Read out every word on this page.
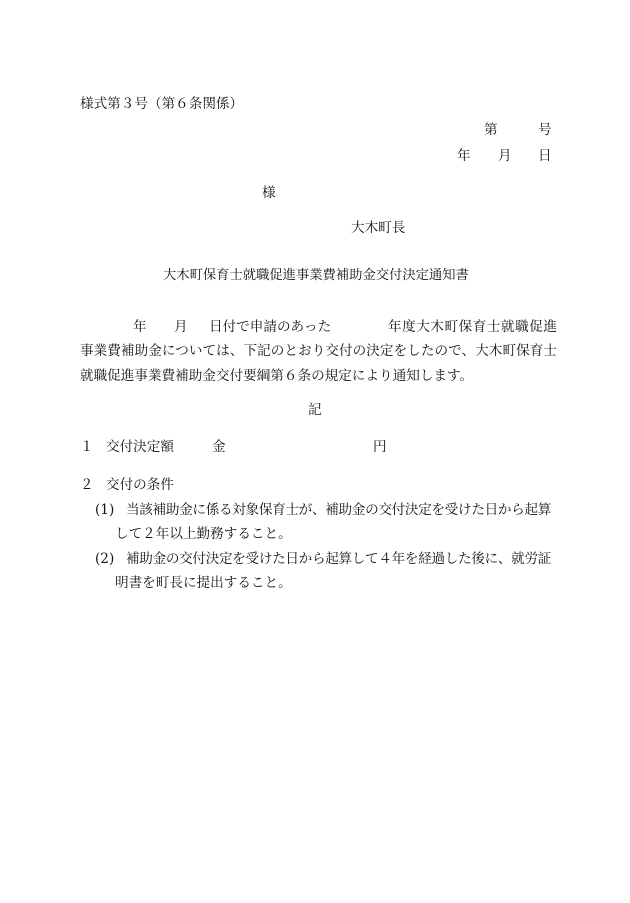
様式第３号（第６条関係）
第	号
年 月 日
様
大木町長
大木町保育士就職促進事業費補助金交付決定通知書
年 月 日付で申請のあった	年度大木町保育士就職促進
事業費補助金については、下記のとおり交付の決定をしたので、大木町保育士
就職促進事業費補助金交付要綱第６条の規定により通知します。
記
１ 交付決定額	金	円
２ 交付の条件
(1) 当該補助金に係る対象保育士が、補助金の交付決定を受けた日から起算
して２年以上勤務すること。
(2) 補助金の交付決定を受けた日から起算して４年を経過した後に、就労証
明書を町長に提出すること。
